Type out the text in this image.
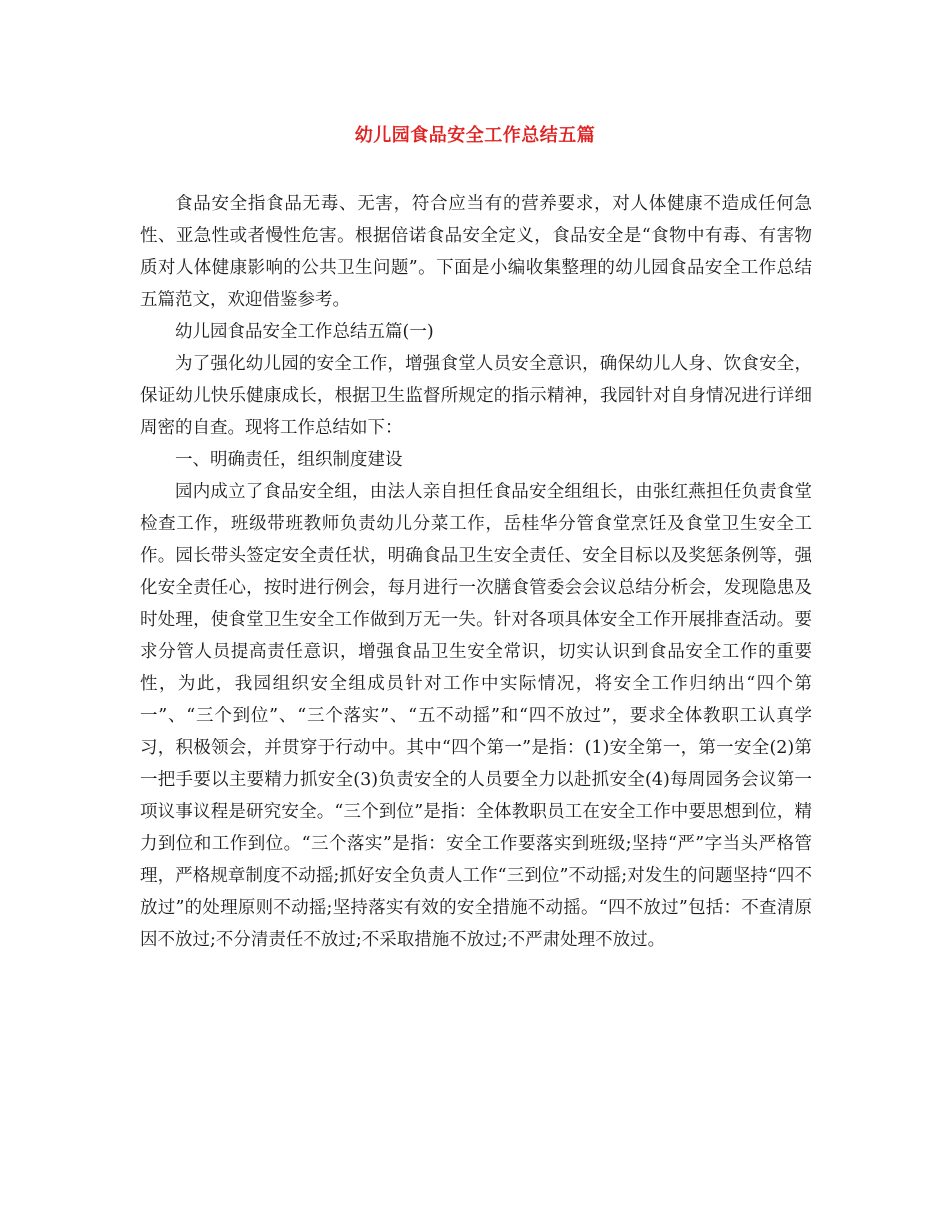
幼儿园食品安全工作总结五篇

食品安全指食品无毒、无害，符合应当有的营养要求，对人体健康不造成任何急性、亚急性或者慢性危害。根据倍诺食品安全定义，食品安全是“食物中有毒、有害物质对人体健康影响的公共卫生问题”。下面是小编收集整理的幼儿园食品安全工作总结五篇范文，欢迎借鉴参考。

幼儿园食品安全工作总结五篇(一)

为了强化幼儿园的安全工作，增强食堂人员安全意识，确保幼儿人身、饮食安全，保证幼儿快乐健康成长，根据卫生监督所规定的指示精神，我园针对自身情况进行详细周密的自查。现将工作总结如下：

一、明确责任，组织制度建设

园内成立了食品安全组，由法人亲自担任食品安全组组长，由张红燕担任负责食堂检查工作，班级带班教师负责幼儿分菜工作，岳桂华分管食堂烹饪及食堂卫生安全工作。园长带头签定安全责任状，明确食品卫生安全责任、安全目标以及奖惩条例等，强化安全责任心，按时进行例会，每月进行一次膳食管委会会议总结分析会，发现隐患及时处理，使食堂卫生安全工作做到万无一失。针对各项具体安全工作开展排查活动。要求分管人员提高责任意识，增强食品卫生安全常识，切实认识到食品安全工作的重要性，为此，我园组织安全组成员针对工作中实际情况，将安全工作归纳出“四个第一”、“三个到位”、“三个落实”、“五不动摇”和“四不放过”，要求全体教职工认真学习，积极领会，并贯穿于行动中。其中“四个第一”是指：(1)安全第一，第一安全(2)第一把手要以主要精力抓安全(3)负责安全的人员要全力以赴抓安全(4)每周园务会议第一项议事议程是研究安全。“三个到位”是指：全体教职员工在安全工作中要思想到位，精力到位和工作到位。“三个落实”是指：安全工作要落实到班级;坚持“严”字当头严格管理，严格规章制度不动摇;抓好安全负责人工作“三到位”不动摇;对发生的问题坚持“四不放过”的处理原则不动摇;坚持落实有效的安全措施不动摇。“四不放过”包括：不查清原因不放过;不分清责任不放过;不采取措施不放过;不严肃处理不放过。
